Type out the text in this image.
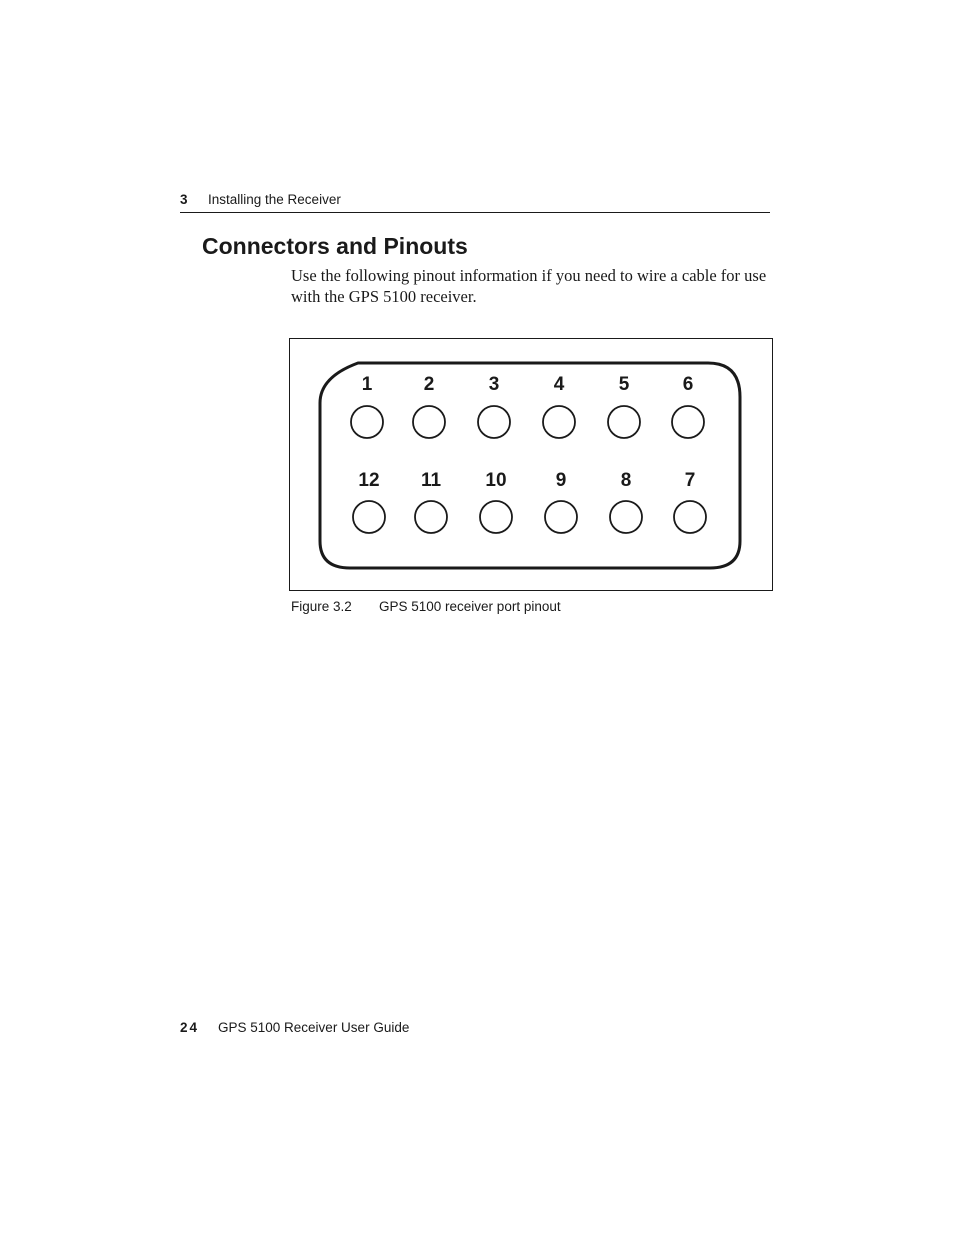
3 Installing the Receiver
Connectors and Pinouts

Use the following pinout information if you need to wire a cable for use with the GPS 5100 receiver.

1	2	3	4	5	6
12 11 10	9	8	7
Figure 3.2 GPS 5100 receiver port pinout
24 GPS 5100 Receiver User Guide
